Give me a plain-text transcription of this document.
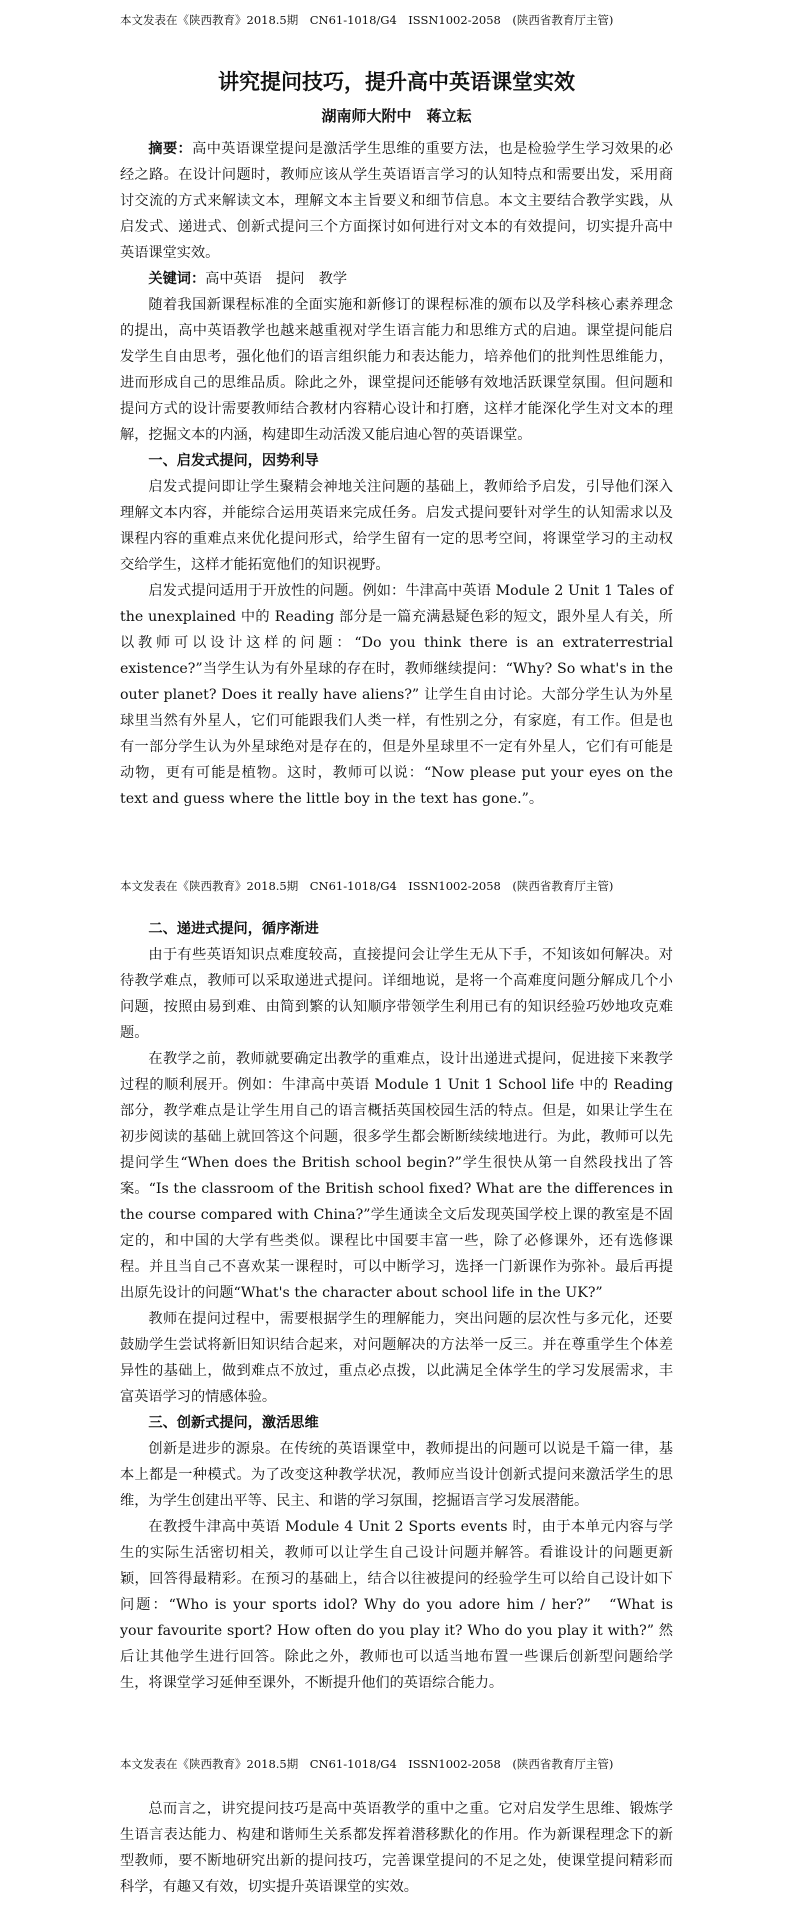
本文发表在《陕西教育》2018.5期　CN61-1018/G4　ISSN1002-2058　(陕西省教育厅主管)
讲究提问技巧，提升高中英语课堂实效
湖南师大附中　蒋立耘

摘要：高中英语课堂提问是激活学生思维的重要方法，也是检验学生学习效果的必经之路。在设计问题时，教师应该从学生英语语言学习的认知特点和需要出发，采用商讨交流的方式来解读文本，理解文本主旨要义和细节信息。本文主要结合教学实践，从启发式、递进式、创新式提问三个方面探讨如何进行对文本的有效提问，切实提升高中英语课堂实效。

关键词：高中英语　提问　教学

随着我国新课程标准的全面实施和新修订的课程标准的颁布以及学科核心素养理念的提出，高中英语教学也越来越重视对学生语言能力和思维方式的启迪。课堂提问能启发学生自由思考，强化他们的语言组织能力和表达能力，培养他们的批判性思维能力，进而形成自己的思维品质。除此之外，课堂提问还能够有效地活跃课堂氛围。但问题和提问方式的设计需要教师结合教材内容精心设计和打磨，这样才能深化学生对文本的理解，挖掘文本的内涵，构建即生动活泼又能启迪心智的英语课堂。

一、启发式提问，因势利导

启发式提问即让学生聚精会神地关注问题的基础上，教师给予启发，引导他们深入理解文本内容，并能综合运用英语来完成任务。启发式提问要针对学生的认知需求以及课程内容的重难点来优化提问形式，给学生留有一定的思考空间，将课堂学习的主动权交给学生，这样才能拓宽他们的知识视野。

启发式提问适用于开放性的问题。例如：牛津高中英语 Module 2 Unit 1 Tales of the unexplained 中的 Reading 部分是一篇充满悬疑色彩的短文，跟外星人有关，所以教师可以设计这样的问题：“Do you think there is an extraterrestrial existence?”当学生认为有外星球的存在时，教师继续提问：“Why? So what's in the outer planet? Does it really have aliens?” 让学生自由讨论。大部分学生认为外星球里当然有外星人，它们可能跟我们人类一样，有性别之分，有家庭，有工作。但是也有一部分学生认为外星球绝对是存在的，但是外星球里不一定有外星人，它们有可能是动物，更有可能是植物。这时，教师可以说：“Now please put your eyes on the text and guess where the little boy in the text has gone.”。

本文发表在《陕西教育》2018.5期　CN61-1018/G4　ISSN1002-2058　(陕西省教育厅主管)

二、递进式提问，循序渐进

由于有些英语知识点难度较高，直接提问会让学生无从下手，不知该如何解决。对待教学难点，教师可以采取递进式提问。详细地说，是将一个高难度问题分解成几个小问题，按照由易到难、由简到繁的认知顺序带领学生利用已有的知识经验巧妙地攻克难题。

在教学之前，教师就要确定出教学的重难点，设计出递进式提问，促进接下来教学过程的顺利展开。例如：牛津高中英语 Module 1 Unit 1 School life 中的 Reading 部分，教学难点是让学生用自己的语言概括英国校园生活的特点。但是，如果让学生在初步阅读的基础上就回答这个问题，很多学生都会断断续续地进行。为此，教师可以先提问学生“When does the British school begin?”学生很快从第一自然段找出了答案。“Is the classroom of the British school fixed? What are the differences in the course compared with China?”学生通读全文后发现英国学校上课的教室是不固定的，和中国的大学有些类似。课程比中国要丰富一些，除了必修课外，还有选修课程。并且当自己不喜欢某一课程时，可以中断学习，选择一门新课作为弥补。最后再提出原先设计的问题“What's the character about school life in the UK?”

教师在提问过程中，需要根据学生的理解能力，突出问题的层次性与多元化，还要鼓励学生尝试将新旧知识结合起来，对问题解决的方法举一反三。并在尊重学生个体差异性的基础上，做到难点不放过，重点必点拨，以此满足全体学生的学习发展需求，丰富英语学习的情感体验。

三、创新式提问，激活思维

创新是进步的源泉。在传统的英语课堂中，教师提出的问题可以说是千篇一律，基本上都是一种模式。为了改变这种教学状况，教师应当设计创新式提问来激活学生的思维，为学生创建出平等、民主、和谐的学习氛围，挖掘语言学习发展潜能。

在教授牛津高中英语 Module 4 Unit 2 Sports events 时，由于本单元内容与学生的实际生活密切相关，教师可以让学生自己设计问题并解答。看谁设计的问题更新颖，回答得最精彩。在预习的基础上，结合以往被提问的经验学生可以给自己设计如下问题：“Who is your sports idol? Why do you adore him / her?”　“What is your favourite sport? How often do you play it? Who do you play it with?” 然后让其他学生进行回答。除此之外，教师也可以适当地布置一些课后创新型问题给学生，将课堂学习延伸至课外，不断提升他们的英语综合能力。

本文发表在《陕西教育》2018.5期　CN61-1018/G4　ISSN1002-2058　(陕西省教育厅主管)

总而言之，讲究提问技巧是高中英语教学的重中之重。它对启发学生思维、锻炼学生语言表达能力、构建和谐师生关系都发挥着潜移默化的作用。作为新课程理念下的新型教师，要不断地研究出新的提问技巧，完善课堂提问的不足之处，使课堂提问精彩而科学，有趣又有效，切实提升英语课堂的实效。
